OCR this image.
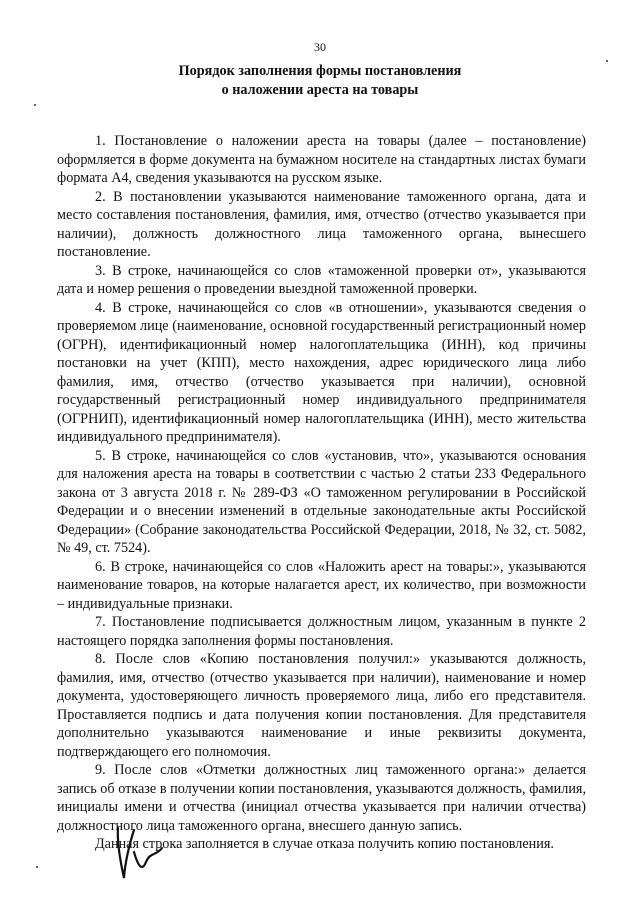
30
Порядок заполнения формы постановления
о наложении ареста на товары

1. Постановление о наложении ареста на товары (далее – постановление) оформляется в форме документа на бумажном носителе на стандартных листах бумаги формата А4, сведения указываются на русском языке.

2. В постановлении указываются наименование таможенного органа, дата и место составления постановления, фамилия, имя, отчество (отчество указывается при наличии), должность должностного лица таможенного органа, вынесшего постановление.

3. В строке, начинающейся со слов «таможенной проверки от», указываются дата и номер решения о проведении выездной таможенной проверки.

4. В строке, начинающейся со слов «в отношении», указываются сведения о проверяемом лице (наименование, основной государственный регистрационный номер (ОГРН), идентификационный номер налогоплательщика (ИНН), код причины постановки на учет (КПП), место нахождения, адрес юридического лица либо фамилия, имя, отчество (отчество указывается при наличии), основной государственный регистрационный номер индивидуального предпринимателя (ОГРНИП), идентификационный номер налогоплательщика (ИНН), место жительства индивидуального предпринимателя).

5. В строке, начинающейся со слов «установив, что», указываются основания для наложения ареста на товары в соответствии с частью 2 статьи 233 Федерального закона от 3 августа 2018 г. № 289-ФЗ «О таможенном регулировании в Российской Федерации и о внесении изменений в отдельные законодательные акты Российской Федерации» (Собрание законодательства Российской Федерации, 2018, № 32, ст. 5082, № 49, ст. 7524).

6. В строке, начинающейся со слов «Наложить арест на товары:», указываются наименование товаров, на которые налагается арест, их количество, при возможности – индивидуальные признаки.

7. Постановление подписывается должностным лицом, указанным в пункте 2 настоящего порядка заполнения формы постановления.

8. После слов «Копию постановления получил:» указываются должность, фамилия, имя, отчество (отчество указывается при наличии), наименование и номер документа, удостоверяющего личность проверяемого лица, либо его представителя. Проставляется подпись и дата получения копии постановления. Для представителя дополнительно указываются наименование и иные реквизиты документа, подтверждающего его полномочия.

9. После слов «Отметки должностных лиц таможенного органа:» делается запись об отказе в получении копии постановления, указываются должность, фамилия, инициалы имени и отчества (инициал отчества указывается при наличии отчества) должностного лица таможенного органа, внесшего данную запись.

Данная строка заполняется в случае отказа получить копию постановления.
